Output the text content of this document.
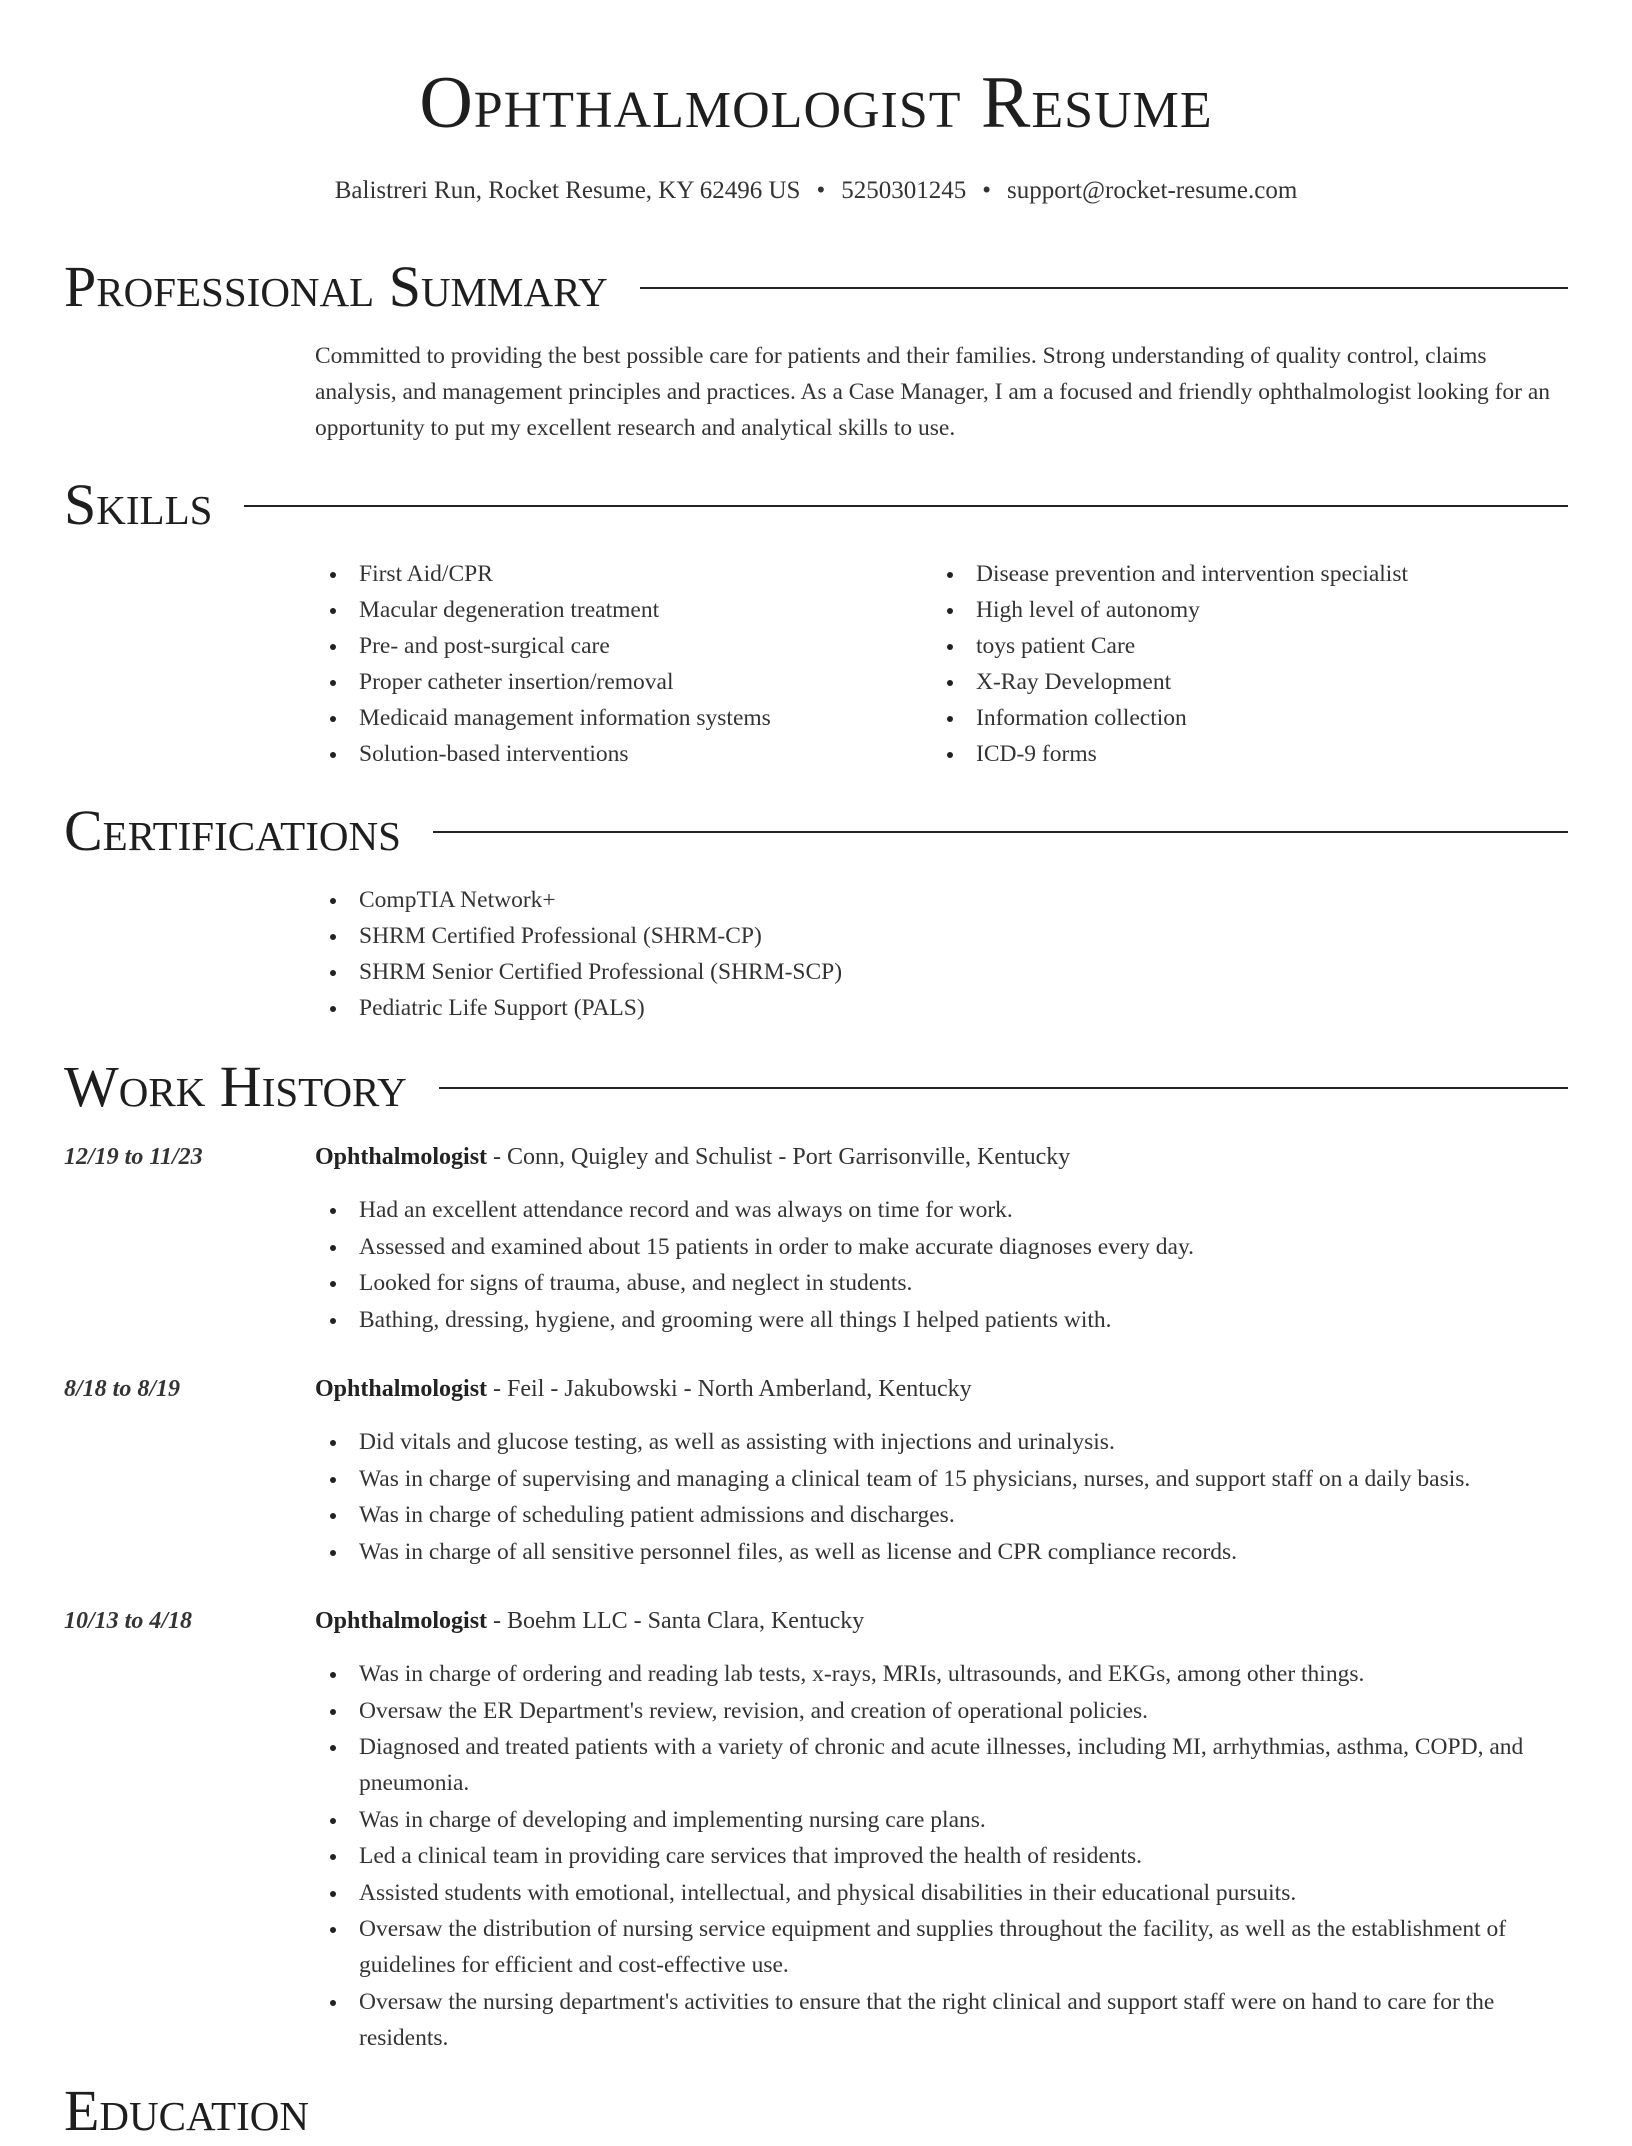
Ophthalmologist Resume
Balistreri Run, Rocket Resume, KY 62496 US • 5250301245 • support@rocket-resume.com
Professional Summary

Committed to providing the best possible care for patients and their families. Strong understanding of quality control, claims analysis, and management principles and practices. As a Case Manager, I am a focused and friendly ophthalmologist looking for an opportunity to put my excellent research and analytical skills to use.

Skills
First Aid/CPR
Macular degeneration treatment
Pre- and post-surgical care
Proper catheter insertion/removal
Medicaid management information systems
Solution-based interventions
Disease prevention and intervention specialist
High level of autonomy
toys patient Care
X-Ray Development
Information collection
ICD-9 forms
Certifications
CompTIA Network+
SHRM Certified Professional (SHRM-CP)
SHRM Senior Certified Professional (SHRM-SCP)
Pediatric Life Support (PALS)
Work History
12/19 to 11/23	Ophthalmologist - Conn, Quigley and Schulist - Port Garrisonville, Kentucky
Had an excellent attendance record and was always on time for work.
Assessed and examined about 15 patients in order to make accurate diagnoses every day.
Looked for signs of trauma, abuse, and neglect in students.
Bathing, dressing, hygiene, and grooming were all things I helped patients with.
8/18 to 8/19	Ophthalmologist - Feil - Jakubowski - North Amberland, Kentucky
Did vitals and glucose testing, as well as assisting with injections and urinalysis.
Was in charge of supervising and managing a clinical team of 15 physicians, nurses, and support staff on a daily basis.
Was in charge of scheduling patient admissions and discharges.
Was in charge of all sensitive personnel files, as well as license and CPR compliance records.
10/13 to 4/18	Ophthalmologist - Boehm LLC - Santa Clara, Kentucky
Was in charge of ordering and reading lab tests, x-rays, MRIs, ultrasounds, and EKGs, among other things.
Oversaw the ER Department's review, revision, and creation of operational policies.
Diagnosed and treated patients with a variety of chronic and acute illnesses, including MI, arrhythmias, asthma, COPD, and pneumonia.
Was in charge of developing and implementing nursing care plans.
Led a clinical team in providing care services that improved the health of residents.
Assisted students with emotional, intellectual, and physical disabilities in their educational pursuits.
Oversaw the distribution of nursing service equipment and supplies throughout the facility, as well as the establishment of guidelines for efficient and cost-effective use.
Oversaw the nursing department's activities to ensure that the right clinical and support staff were on hand to care for the residents.
Education
